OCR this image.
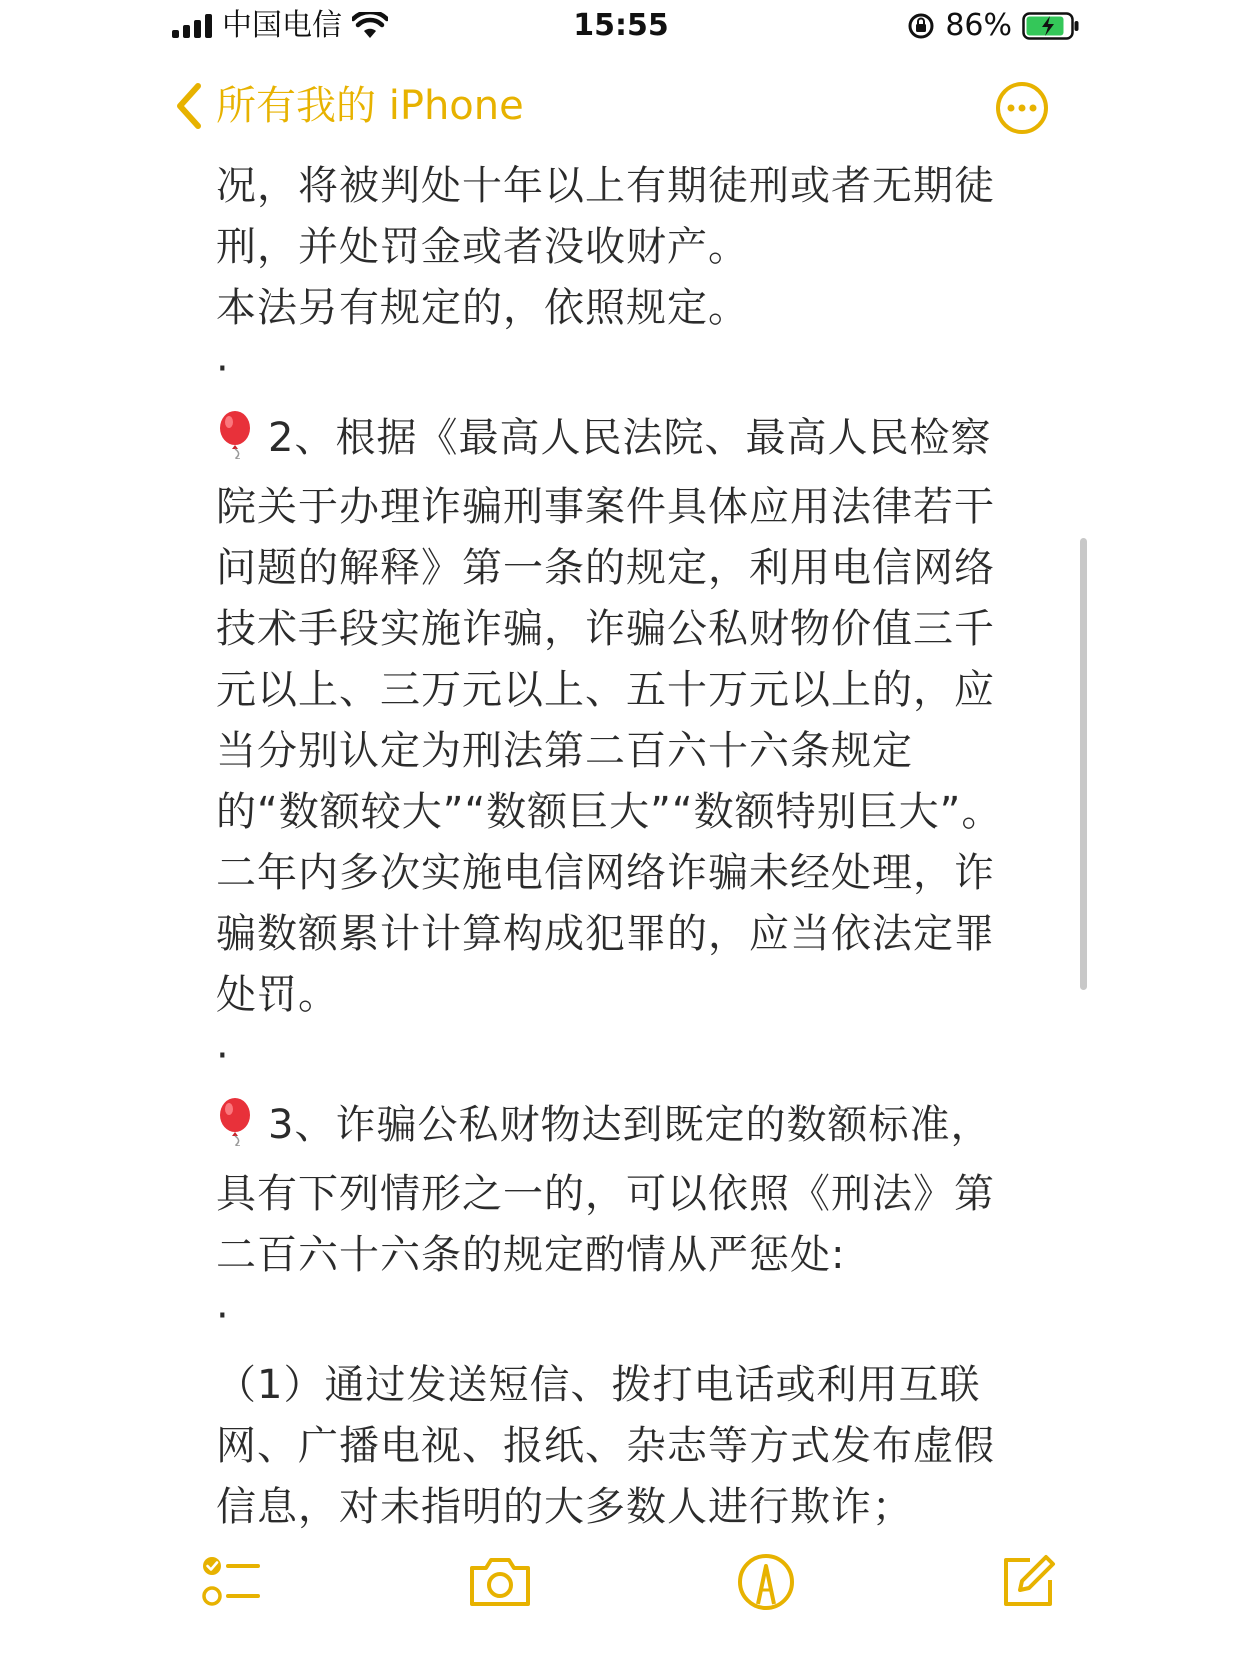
中国电信	15:55	86%
所有我的 iPhone

况，将被判处十年以上有期徒刑或者无期徒刑，并处罚金或者没收财产。

本法另有规定的，依照规定。

·

2、根据《最高人民法院、最高人民检察院关于办理诈骗刑事案件具体应用法律若干问题的解释》第一条的规定，利用电信网络技术手段实施诈骗，诈骗公私财物价值三千元以上、三万元以上、五十万元以上的，应当分别认定为刑法第二百六十六条规定的“数额较大”“数额巨大”“数额特别巨大”。

二年内多次实施电信网络诈骗未经处理，诈骗数额累计计算构成犯罪的，应当依法定罪处罚。

·

3、诈骗公私财物达到既定的数额标准，具有下列情形之一的，可以依照《刑法》第二百六十六条的规定酌情从严惩处:

·

（1）通过发送短信、拨打电话或利用互联网、广播电视、报纸、杂志等方式发布虚假信息，对未指明的大多数人进行欺诈；
